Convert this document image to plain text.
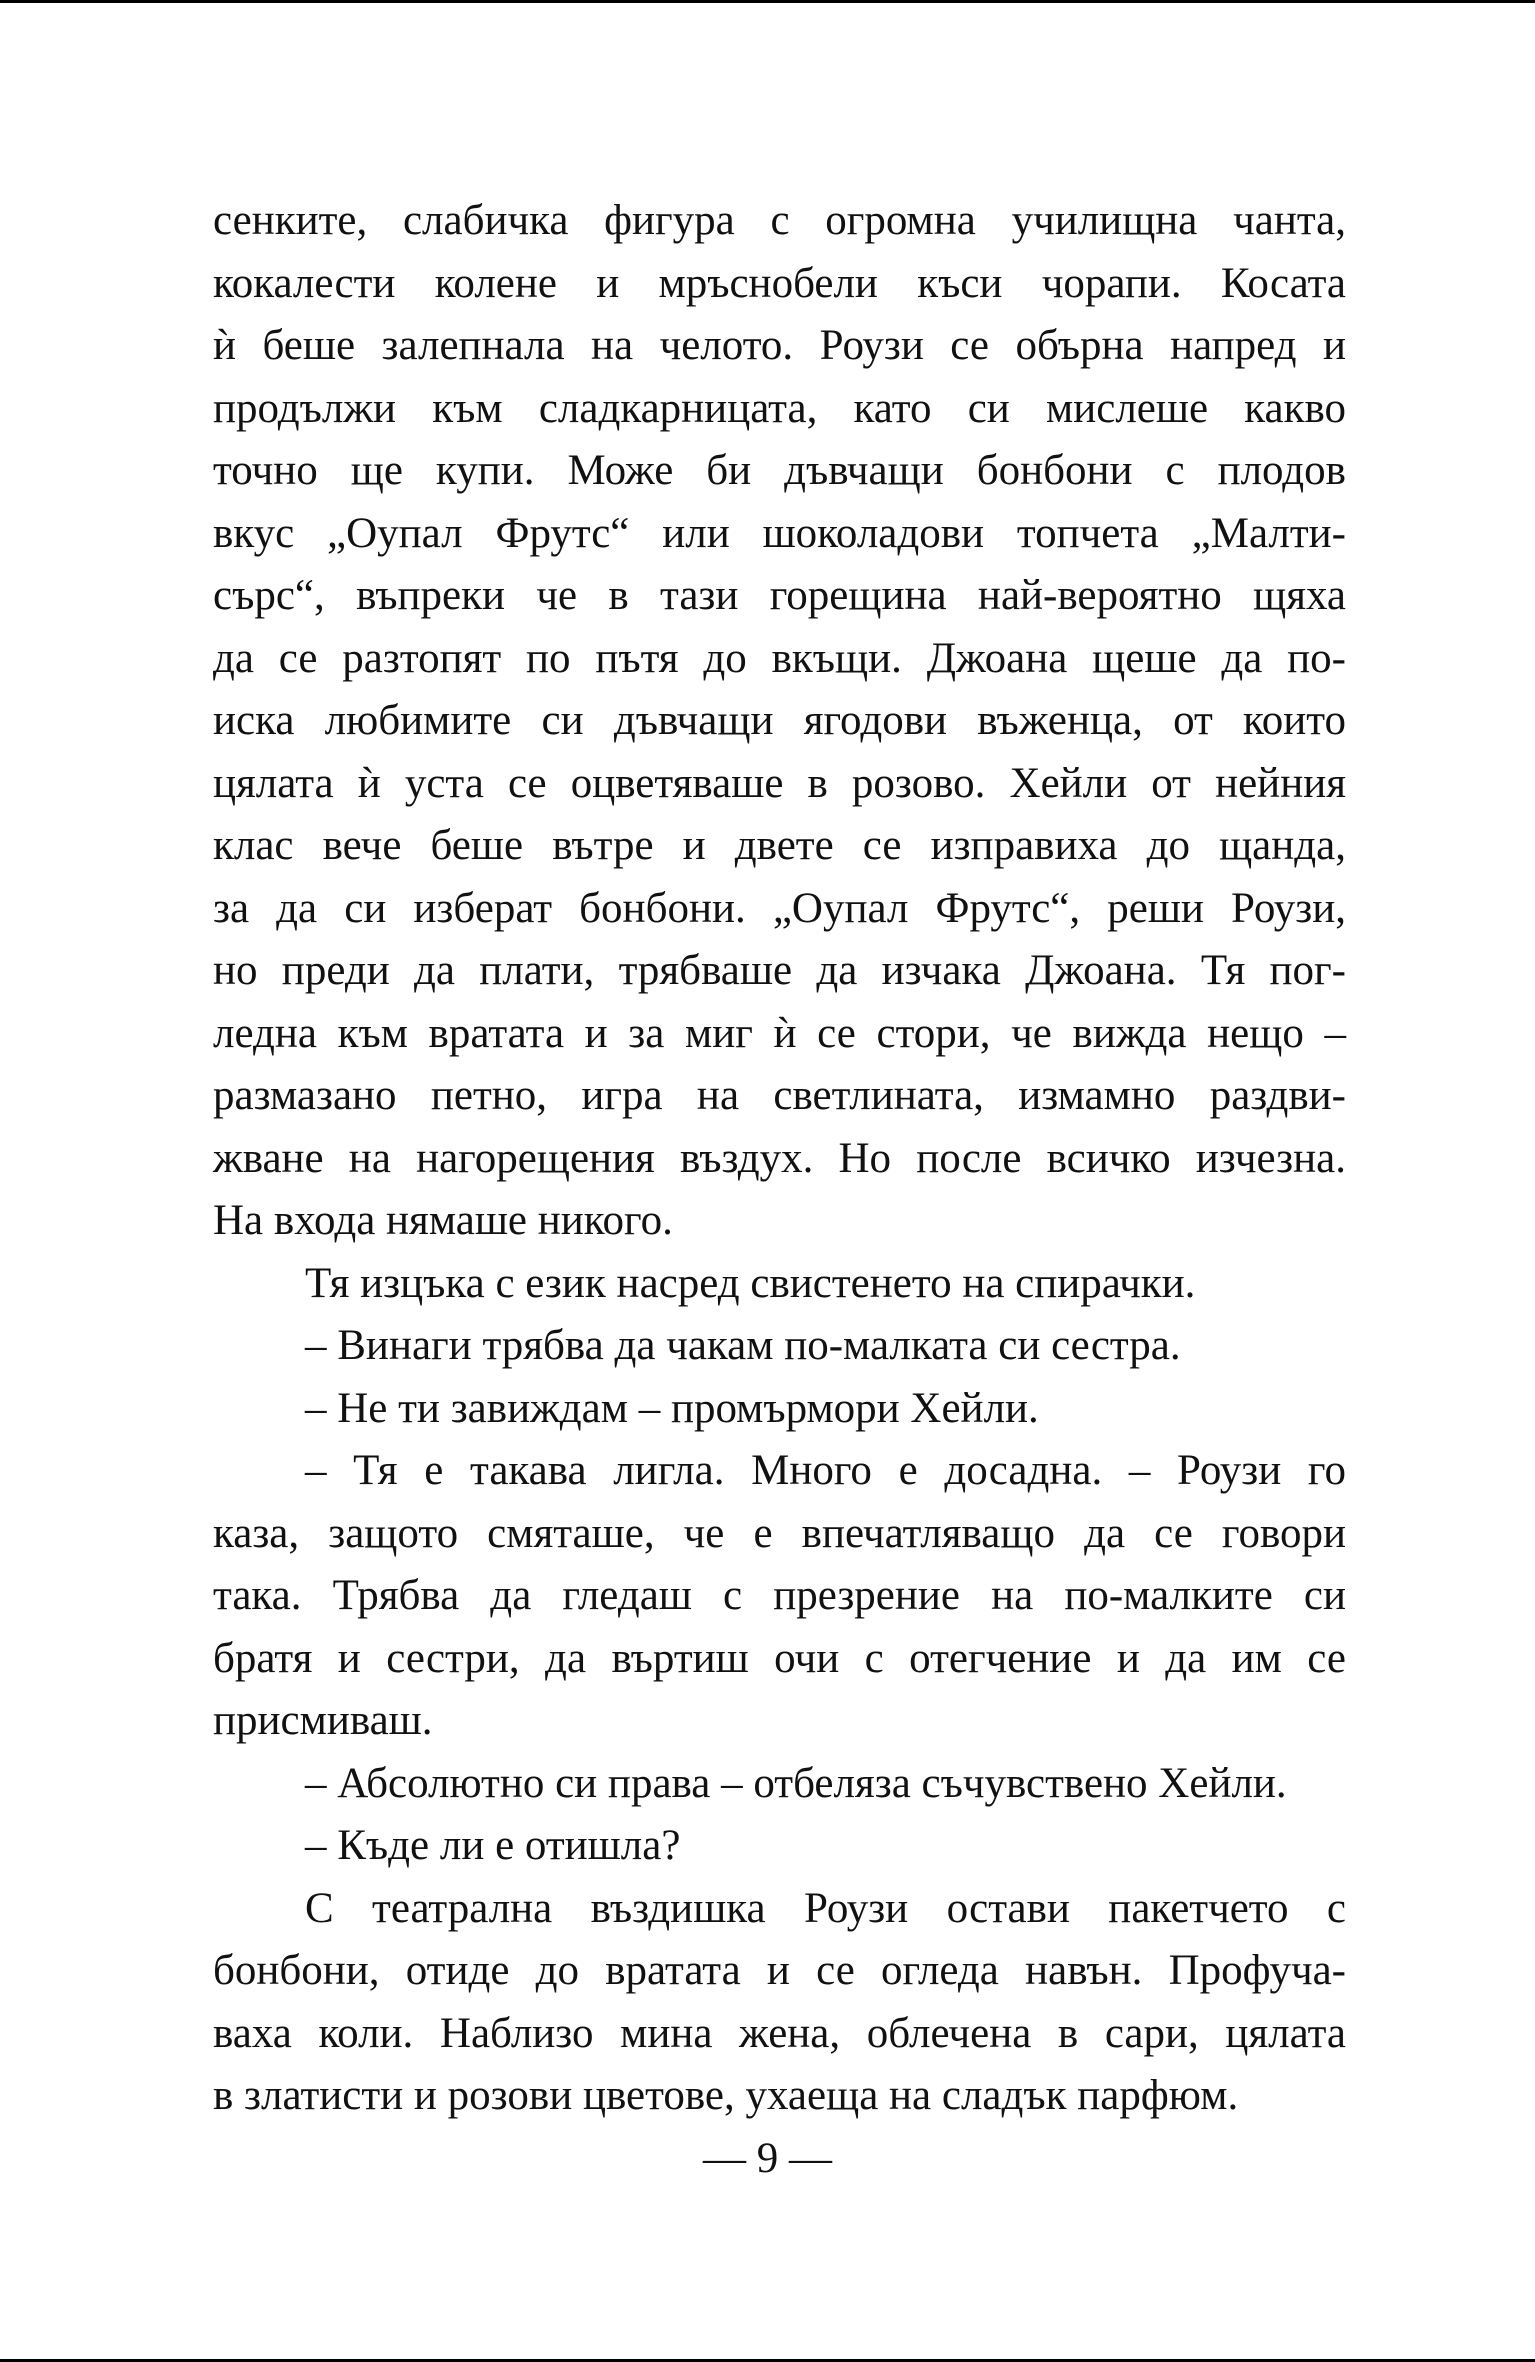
сенките, слабичка фигура с огромна училищна чанта,
кокалести колене и мръснобели къси чорапи. Косата
ѝ беше залепнала на челото. Роузи се обърна напред и
продължи към сладкарницата, като си мислеше какво
точно ще купи. Може би дъвчащи бонбони с плодов
вкус „Оупал Фрутс“ или шоколадови топчета „Малти-
сърс“, въпреки че в тази горещина най-вероятно щяха
да се разтопят по пътя до вкъщи. Джоана щеше да по-
иска любимите си дъвчащи ягодови въженца, от които
цялата ѝ уста се оцветяваше в розово. Хейли от нейния
клас вече беше вътре и двете се изправиха до щанда,
за да си изберат бонбони. „Оупал Фрутс“, реши Роузи,
но преди да плати, трябваше да изчака Джоана. Тя пог-
ледна към вратата и за миг ѝ се стори, че вижда нещо –
размазано петно, игра на светлината, измамно раздви-
жване на нагорещения въздух. Но после всичко изчезна.
На входа нямаше никого.
Тя изцъка с език насред свистенето на спирачки.
– Винаги трябва да чакам по-малката си сестра.
– Не ти завиждам – промърмори Хейли.
– Тя е такава лигла. Много е досадна. – Роузи го
каза, защото смяташе, че е впечатляващо да се говори
така. Трябва да гледаш с презрение на по-малките си
братя и сестри, да въртиш очи с отегчение и да им се
присмиваш.
– Абсолютно си права – отбеляза съчувствено Хейли.
– Къде ли е отишла?
С театрална въздишка Роузи остави пакетчето с
бонбони, отиде до вратата и се огледа навън. Профуча-
ваха коли. Наблизо мина жена, облечена в сари, цялата
в златисти и розови цветове, ухаеща на сладък парфюм.
— 9 —
